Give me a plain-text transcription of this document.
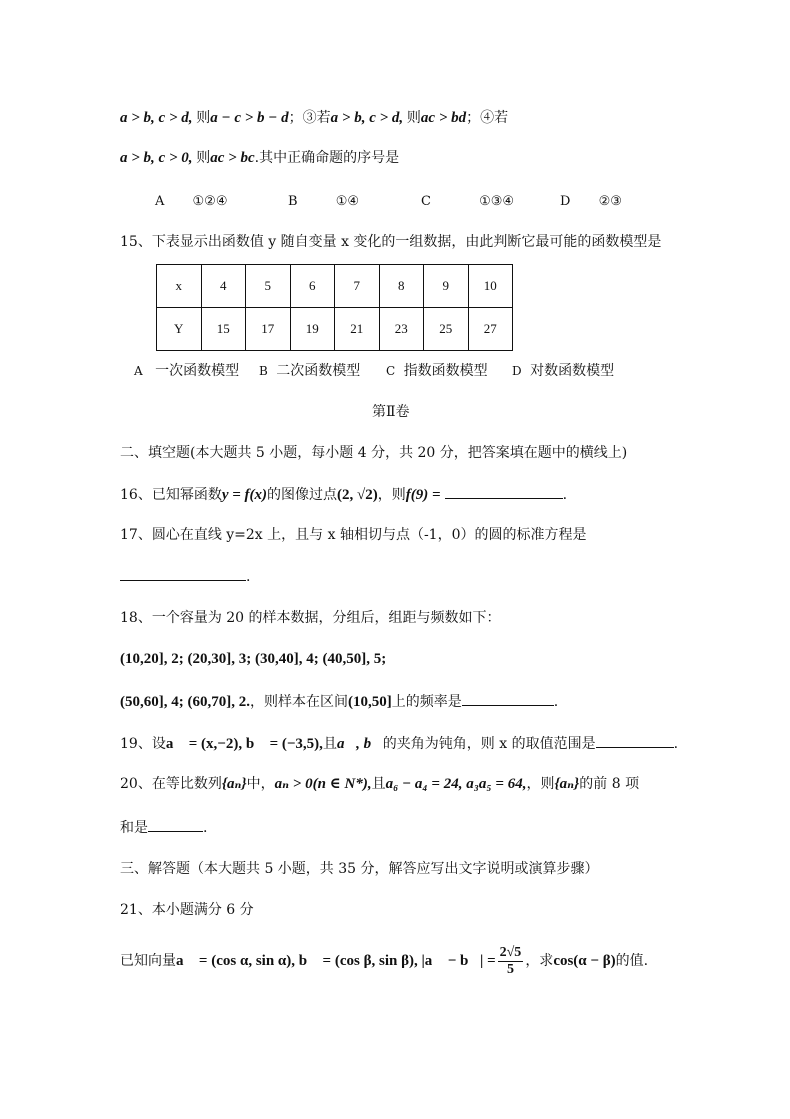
a > b, c > d, 则a − c > b − d；③若a > b, c > d, 则ac > bd；④若
a > b, c > 0, 则ac > bc.其中正确命题的序号是
A ①②④	B	①④	C	①③④	D ②③
15、下表显示出函数值 y 随自变量 x 变化的一组数据，由此判断它最可能的函数模型是
x	4	5	6	7	8	9	10
Y	15	17	19	21	23	25	27
A 一次函数模型 B 二次函数模型 C 指数函数模型 D 对数函数模型
第Ⅱ卷
二、填空题(本大题共 5 小题，每小题 4 分，共 20 分，把答案填在题中的横线上)
16、已知幂函数y = f(x)的图像过点(2, √2)，则f(9) =	.
17、圆心在直线 y=2x 上，且与 x 轴相切与点（-1，0）的圆的标准方程是
.
18、一个容量为 20 的样本数据，分组后，组距与频数如下：
(10,20], 2; (20,30], 3; (30,40], 4; (40,50], 5;
(50,60], 4; (60,70], 2.，则样本在区间(10,50]上的频率是	.
19、设a⃗ = (x,−2), b⃗ = (−3,5),且a⃗, b⃗的夹角为钝角，则 x 的取值范围是	.
20、在等比数列{aₙ}中，aₙ > 0(n ∈ N*),且a₆ − a₄ = 24, a₃a₅ = 64,，则{aₙ}的前 8 项
和是	.
三、解答题（本大题共 5 小题，共 35 分，解答应写出文字说明或演算步骤）
21、本小题满分 6 分
已知向量a⃗ = (cos α, sin α), b⃗ = (cos β, sin β), |a⃗ − b⃗| = $\frac{2√5}{5}$ ，求cos(α − β)的值.
